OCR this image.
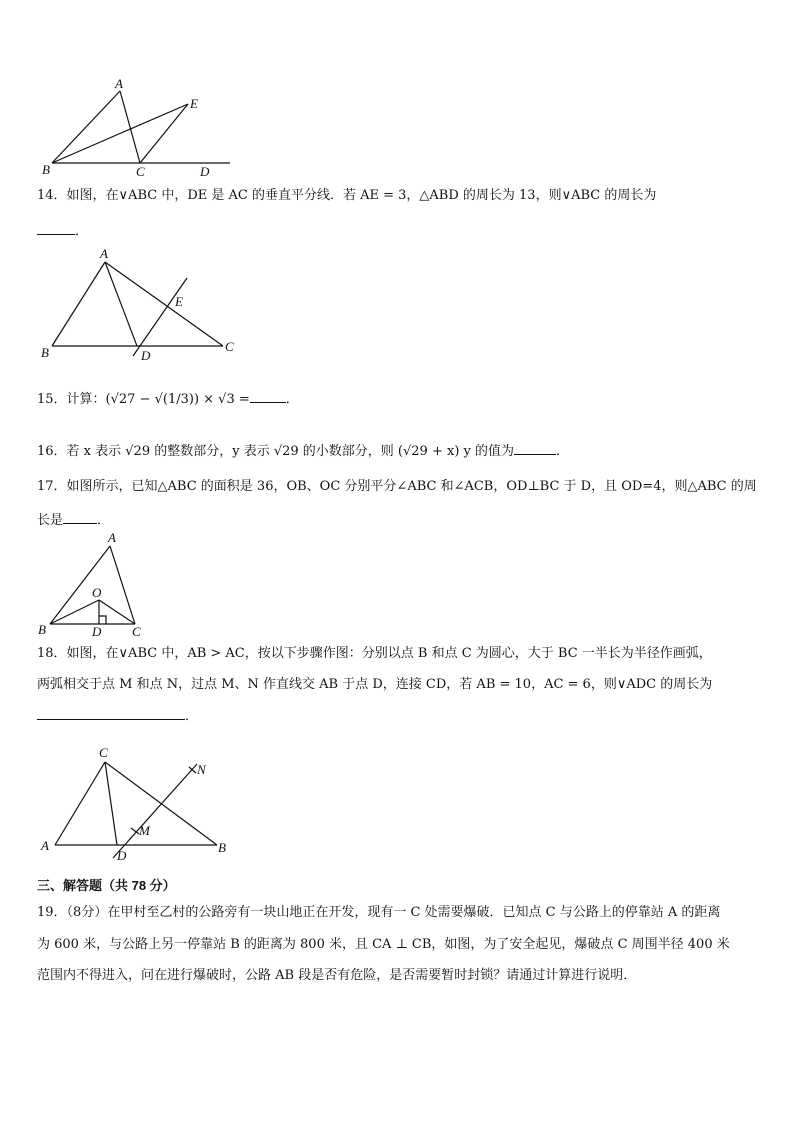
A
E
B	C	D
14．如图，在∨ABC 中，DE 是 AC 的垂直平分线．若 AE = 3，△ABD 的周长为 13，则∨ABC 的周长为
．
A
E
B	D
C
15．计算：(√27 − √(1/3)) × √3 =	．
16．若 x 表示 √29 的整数部分，y 表示 √29 的小数部分，则 (√29 + x) y 的值为	．
17．如图所示，已知△ABC 的面积是 36，OB、OC 分别平分∠ABC 和∠ACB，OD⊥BC 于 D，且 OD=4，则△ABC 的周
长是	．
A
O
B	D C
18．如图，在∨ABC 中，AB > AC，按以下步骤作图：分别以点 B 和点 C 为圆心，大于 BC 一半长为半径作画弧，
两弧相交于点 M 和点 N，过点 M、N 作直线交 AB 于点 D，连接 CD，若 AB = 10，AC = 6，则∨ADC 的周长为
．
C
N
M
A
D
B
三、解答题（共 78 分）
19．（8分）在甲村至乙村的公路旁有一块山地正在开发，现有一 C 处需要爆破．已知点 C 与公路上的停靠站 A 的距离
为 600 米，与公路上另一停靠站 B 的距离为 800 米，且 CA ⊥ CB，如图，为了安全起见，爆破点 C 周围半径 400 米
范围内不得进入，问在进行爆破时，公路 AB 段是否有危险，是否需要暂时封锁？请通过计算进行说明．
